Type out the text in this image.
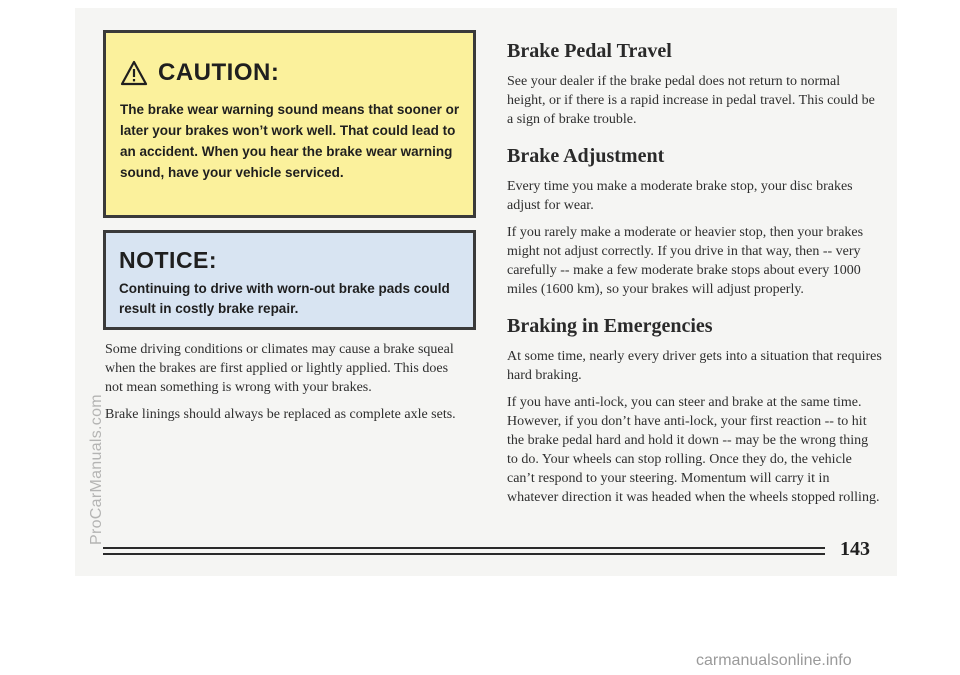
CAUTION:

The brake wear warning sound means that sooner or later your brakes won’t work well. That could lead to an accident. When you hear the brake wear warning sound, have your vehicle serviced.

NOTICE:

Continuing to drive with worn-out brake pads could result in costly brake repair.

Some driving conditions or climates may cause a brake squeal when the brakes are first applied or lightly applied. This does not mean something is wrong with your brakes.

Brake linings should always be replaced as complete axle sets.

Brake Pedal Travel

See your dealer if the brake pedal does not return to normal height, or if there is a rapid increase in pedal travel. This could be a sign of brake trouble.

Brake Adjustment

Every time you make a moderate brake stop, your disc brakes adjust for wear.

If you rarely make a moderate or heavier stop, then your brakes might not adjust correctly. If you drive in that way, then -- very carefully -- make a few moderate brake stops about every 1000 miles (1600 km), so your brakes will adjust properly.

Braking in Emergencies

At some time, nearly every driver gets into a situation that requires hard braking.

If you have anti-lock, you can steer and brake at the same time. However, if you don’t have anti-lock, your first reaction -- to hit the brake pedal hard and hold it down -- may be the wrong thing to do. Your wheels can stop rolling. Once they do, the vehicle can’t respond to your steering. Momentum will carry it in whatever direction it was headed when the wheels stopped rolling.

143
ProCarManuals.com
carmanualsonline.info
